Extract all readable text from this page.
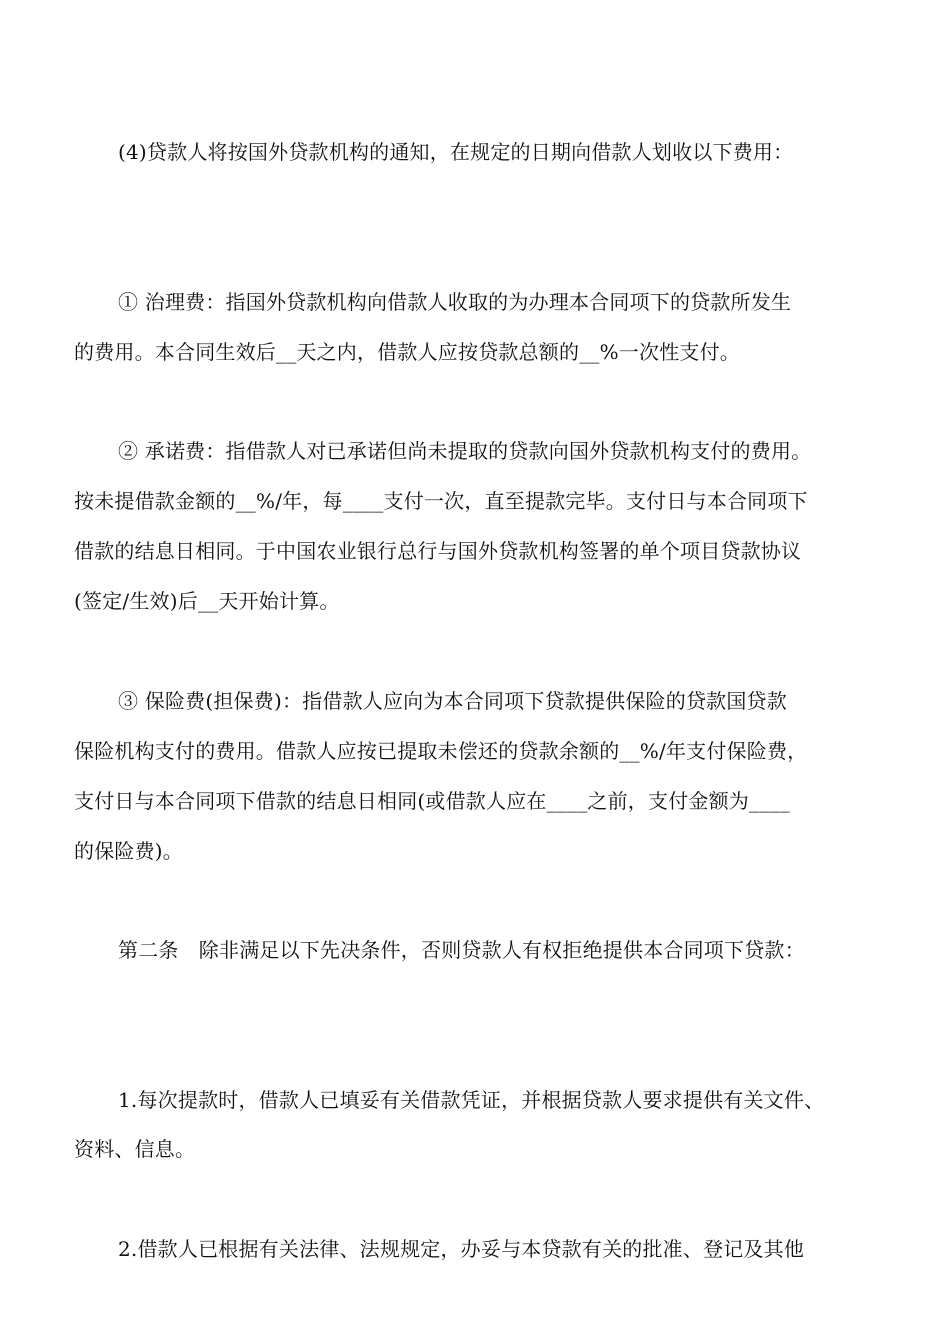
(4)贷款人将按国外贷款机构的通知，在规定的日期向借款人划收以下费用：
① 治理费：指国外贷款机构向借款人收取的为办理本合同项下的贷款所发生
的费用。本合同生效后__天之内，借款人应按贷款总额的__%一次性支付。
② 承诺费：指借款人对已承诺但尚未提取的贷款向国外贷款机构支付的费用。
按未提借款金额的__%/年，每____支付一次，直至提款完毕。支付日与本合同项下
借款的结息日相同。于中国农业银行总行与国外贷款机构签署的单个项目贷款协议
(签定/生效)后__天开始计算。
③ 保险费(担保费)：指借款人应向为本合同项下贷款提供保险的贷款国贷款
保险机构支付的费用。借款人应按已提取未偿还的贷款余额的__%/年支付保险费，
支付日与本合同项下借款的结息日相同(或借款人应在____之前，支付金额为____
的保险费)。
第二条　除非满足以下先决条件，否则贷款人有权拒绝提供本合同项下贷款：
1.每次提款时，借款人已填妥有关借款凭证，并根据贷款人要求提供有关文件、
资料、信息。
2.借款人已根据有关法律、法规规定，办妥与本贷款有关的批准、登记及其他
